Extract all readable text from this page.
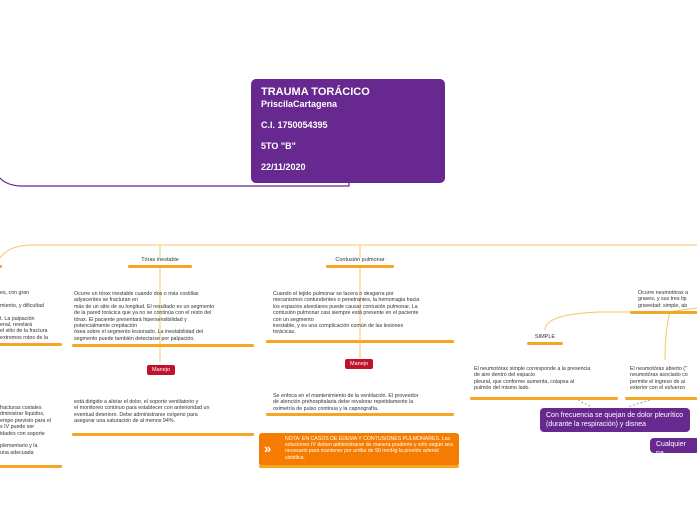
TRAUMA TORÁCICO
PriscilaCartagena
C.I. 1750054395
5TO "B"
22/11/2020
Tórax inestable	Contusión pulmonar
es, con gran

miento, y dificultad

t. La palpación
enal, revelará
el sitio de la fractura
extremos rotos de la
fracturas costales
dministrar líquidos,
empo previsto para el
s IV puede ser
idades con soporte

plementario y la
una adecuada
Ocurre un tórax inestable cuando dos o más costillas
adyacentes se fracturan en
más de un sitio de su longitud. El resultado es un segmento
de la pared torácica que ya no se continúa con el resto del
tórax. El paciente presentará hipersensibilidad y
potencialmente crepitación
ósea sobre el segmento lesionado. La inestabilidad del
segmento puede también detectarse por palpación.
Manejo
está dirigido a aliviar el dolor, el soporte ventilatorio y
el monitoreo continuo para establecer con anterioridad un
eventual deterioro. Debe administrarse oxígeno para
asegurar una saturación de al menos 94%.
Cuando el tejido pulmonar se lacera o desgarra por
mecanismos contundentes o penetrantes, la hemorragia hacia
los espacios alveolares puede causar contusión pulmonar. La
contusión pulmonar casi siempre está presente en el paciente
con un segmento
inestable, y es una complicación común de las lesiones
torácicas.
Manejo
Se enfoca en el mantenimiento de la ventilación. El proveedor
de atención prehospitalaria debe revalorar repetidamente la
oximetría de pulso continua y la capnografía.
»
NOTA: EN CASOS DE EDEMA Y CONTUSIONES PULMONARES. Las soluciones IV deben administrarse de manera prudente y sólo según sea necesario para mantener por arriba de 90 mmHg la presión arterial sistólica.
Ocurre neumotórax a
graves, y sus tres tip
gravedad: simple, ab
SIMPLE
El neumotórax simple corresponde a la presencia
de aire dentro del espacio
pleural, que conforme aumenta, colapsa al
pulmón del mismo lado.
El neumotórax abierto ("
neumotórax asociado co
permite el ingreso de ai
exterior con el esfuerzo
Con frecuencia se quejan de dolor pleurítico (durante la respiración) y disnea
Cualquier pa
